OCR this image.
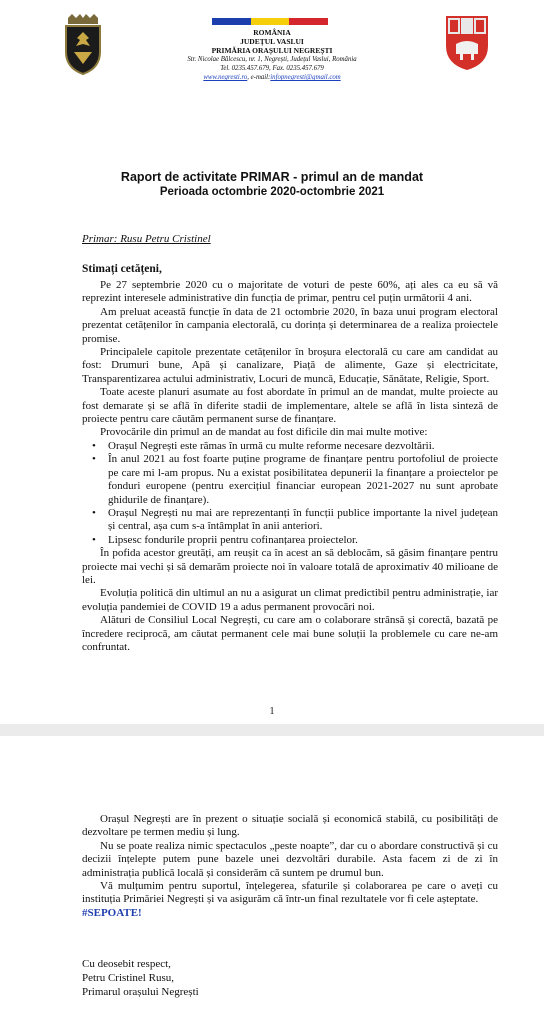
ROMÂNIA
JUDEȚUL VASLUI
PRIMĂRIA ORAȘULUI NEGREȘTI
Str. Nicolae Bălcescu, nr. 1, Negrești, Județul Vaslui, România
Tel. 0235.457.679, Fax. 0235.457.679
www.negresti.ro, e-mail:infopnegresti@gmail.com
Raport de activitate PRIMAR - primul an de mandat
Perioada octombrie 2020-octombrie 2021
Primar: Rusu Petru Cristinel
Stimați cetățeni,

Pe 27 septembrie 2020 cu o majoritate de voturi de peste 60%, ați ales ca eu să vă reprezint interesele administrative din funcția de primar, pentru cel puțin următorii 4 ani.

Am preluat această funcție în data de 21 octombrie 2020, în baza unui program electoral prezentat cetățenilor în campania electorală, cu dorința și determinarea de a realiza proiectele promise.

Principalele capitole prezentate cetățenilor în broșura electorală cu care am candidat au fost: Drumuri bune, Apă și canalizare, Piață de alimente, Gaze și electricitate, Transparentizarea actului administrativ, Locuri de muncă, Educație, Sănătate, Religie, Sport.

Toate aceste planuri asumate au fost abordate în primul an de mandat, multe proiecte au fost demarate și se află în diferite stadii de implementare, altele se află în lista sinteză de proiecte pentru care căutăm permanent surse de finanțare.

Provocările din primul an de mandat au fost dificile din mai multe motive:

• Orașul Negrești este rămas în urmă cu multe reforme necesare dezvoltării.
• În anul 2021 au fost foarte puține programe de finanțare pentru portofoliul de proiecte pe care mi l-am propus. Nu a existat posibilitatea depunerii la finanțare a proiectelor pe fonduri europene (pentru exercițiul financiar european 2021-2027 nu sunt aprobate ghidurile de finanțare).
• Orașul Negrești nu mai are reprezentanți în funcții publice importante la nivel județean și central, așa cum s-a întâmplat în anii anteriori.
• Lipsesc fondurile proprii pentru cofinanțarea proiectelor.

În pofida acestor greutăți, am reușit ca în acest an să deblocăm, să găsim finanțare pentru proiecte mai vechi și să demarăm proiecte noi în valoare totală de aproximativ 40 milioane de lei.

Evoluția politică din ultimul an nu a asigurat un climat predictibil pentru administrație, iar evoluția pandemiei de COVID 19 a adus permanent provocări noi.

Alături de Consiliul Local Negrești, cu care am o colaborare strânsă și corectă, bazată pe încredere reciprocă, am căutat permanent cele mai bune soluții la problemele cu care ne-am confruntat.

1

Orașul Negrești are în prezent o situație socială și economică stabilă, cu posibilități de dezvoltare pe termen mediu și lung.

Nu se poate realiza nimic spectaculos „peste noapte”, dar cu o abordare constructivă și cu decizii înțelepte putem pune bazele unei dezvoltări durabile. Asta facem zi de zi în administrația publică locală și considerăm că suntem pe drumul bun.

Vă mulțumim pentru suportul, înțelegerea, sfaturile și colaborarea pe care o aveți cu instituția Primăriei Negrești și va asigurăm că într-un final rezultatele vor fi cele așteptate.

#SEPOATE!

Cu deosebit respect,
Petru Cristinel Rusu,
Primarul orașului Negrești
